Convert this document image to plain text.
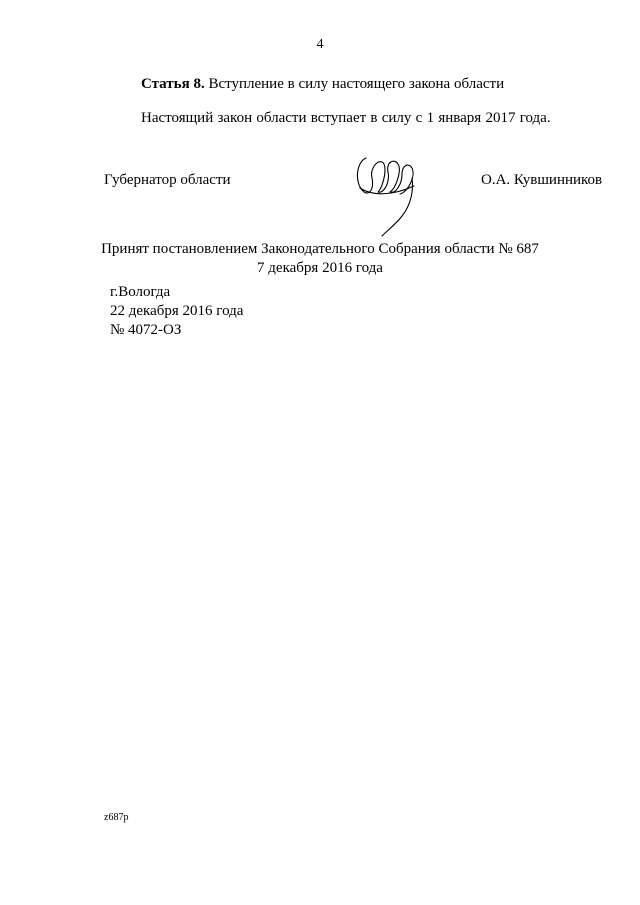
4
Статья 8. Вступление в силу настоящего закона области
Настоящий закон области вступает в силу с 1 января 2017 года.
Губернатор области	О.А. Кувшинников
Принят постановлением Законодательного Собрания области № 687
7 декабря 2016 года
г.Вологда
22 декабря 2016 года
№ 4072-ОЗ
z687p
